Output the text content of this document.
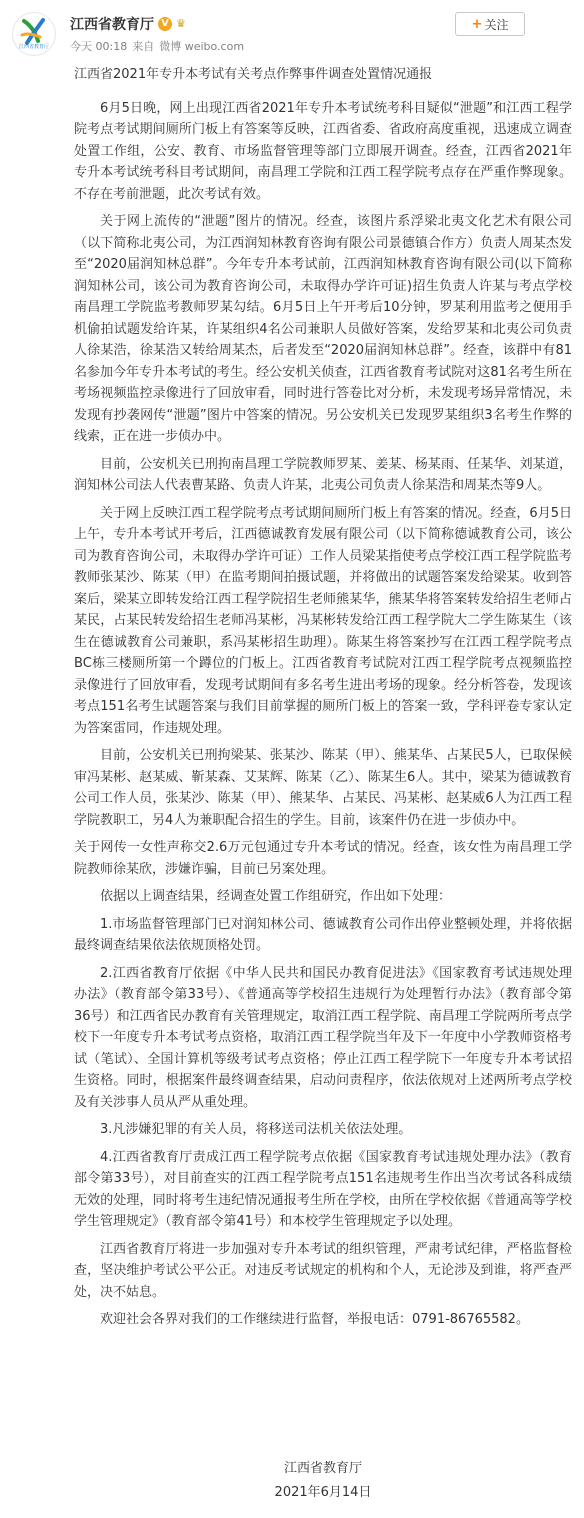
江西省教育厅
江西省教育厅 V ♛
今天 00:18 来自 微博 weibo.com
+ 关注

江西省2021年专升本考试有关考点作弊事件调查处置情况通报

6月5日晚，网上出现江西省2021年专升本考试统考科目疑似“泄题”和江西工程学院考点考试期间厕所门板上有答案等反映，江西省委、省政府高度重视，迅速成立调查处置工作组，公安、教育、市场监督管理等部门立即展开调查。经查，江西省2021年专升本考试统考科目考试期间，南昌理工学院和江西工程学院考点存在严重作弊现象。不存在考前泄题，此次考试有效。

关于网上流传的“泄题”图片的情况。经查，该图片系浮梁北夷文化艺术有限公司（以下简称北夷公司，为江西润知林教育咨询有限公司景德镇合作方）负责人周某杰发至“2020届润知林总群”。今年专升本考试前，江西润知林教育咨询有限公司(以下简称润知林公司，该公司为教育咨询公司，未取得办学许可证)招生负责人许某与考点学校南昌理工学院监考教师罗某勾结。6月5日上午开考后10分钟，罗某利用监考之便用手机偷拍试题发给许某，许某组织4名公司兼职人员做好答案，发给罗某和北夷公司负责人徐某浩，徐某浩又转给周某杰，后者发至“2020届润知林总群”。经查，该群中有81名参加今年专升本考试的考生。经公安机关侦查，江西省教育考试院对这81名考生所在考场视频监控录像进行了回放审看，同时进行答卷比对分析，未发现考场异常情况，未发现有抄袭网传“泄题”图片中答案的情况。另公安机关已发现罗某组织3名考生作弊的线索，正在进一步侦办中。

目前，公安机关已刑拘南昌理工学院教师罗某、姜某、杨某雨、任某华、刘某道，润知林公司法人代表曹某路、负责人许某，北夷公司负责人徐某浩和周某杰等9人。

关于网上反映江西工程学院考点考试期间厕所门板上有答案的情况。经查，6月5日上午，专升本考试开考后，江西德诚教育发展有限公司（以下简称德诚教育公司，该公司为教育咨询公司，未取得办学许可证）工作人员梁某指使考点学校江西工程学院监考教师张某沙、陈某（甲）在监考期间拍摄试题，并将做出的试题答案发给梁某。收到答案后，梁某立即转发给江西工程学院招生老师熊某华，熊某华将答案转发给招生老师占某民，占某民转发给招生老师冯某彬，冯某彬转发给江西工程学院大二学生陈某生（该生在德诚教育公司兼职，系冯某彬招生助理）。陈某生将答案抄写在江西工程学院考点BC栋三楼厕所第一个蹲位的门板上。江西省教育考试院对江西工程学院考点视频监控录像进行了回放审看，发现考试期间有多名考生进出考场的现象。经分析答卷，发现该考点151名考生试题答案与我们目前掌握的厕所门板上的答案一致，学科评卷专家认定为答案雷同，作违规处理。

目前，公安机关已刑拘梁某、张某沙、陈某（甲）、熊某华、占某民5人，已取保候审冯某彬、赵某威、靳某森、艾某辉、陈某（乙）、陈某生6人。其中，梁某为德诚教育公司工作人员，张某沙、陈某（甲）、熊某华、占某民、冯某彬、赵某威6人为江西工程学院教职工，另4人为兼职配合招生的学生。目前，该案件仍在进一步侦办中。

关于网传一女性声称交2.6万元包通过专升本考试的情况。经查，该女性为南昌理工学院教师徐某欣，涉嫌诈骗，目前已另案处理。

依据以上调查结果，经调查处置工作组研究，作出如下处理：

1.市场监督管理部门已对润知林公司、德诚教育公司作出停业整顿处理，并将依据最终调查结果依法依规顶格处罚。

2.江西省教育厅依据《中华人民共和国民办教育促进法》《国家教育考试违规处理办法》（教育部令第33号）、《普通高等学校招生违规行为处理暂行办法》（教育部令第36号）和江西省民办教育有关管理规定，取消江西工程学院、南昌理工学院两所考点学校下一年度专升本考试考点资格，取消江西工程学院当年及下一年度中小学教师资格考试（笔试）、全国计算机等级考试考点资格；停止江西工程学院下一年度专升本考试招生资格。同时，根据案件最终调查结果，启动问责程序，依法依规对上述两所考点学校及有关涉事人员从严从重处理。

3.凡涉嫌犯罪的有关人员，将移送司法机关依法处理。

4.江西省教育厅责成江西工程学院考点依据《国家教育考试违规处理办法》（教育部令第33号），对目前查实的江西工程学院考点151名违规考生作出当次考试各科成绩无效的处理，同时将考生违纪情况通报考生所在学校，由所在学校依据《普通高等学校学生管理规定》（教育部令第41号）和本校学生管理规定予以处理。

江西省教育厅将进一步加强对专升本考试的组织管理，严肃考试纪律，严格监督检查，坚决维护考试公平公正。对违反考试规定的机构和个人，无论涉及到谁，将严查严处，决不姑息。

欢迎社会各界对我们的工作继续进行监督，举报电话：0791-86765582。

江西省教育厅
2021年6月14日
